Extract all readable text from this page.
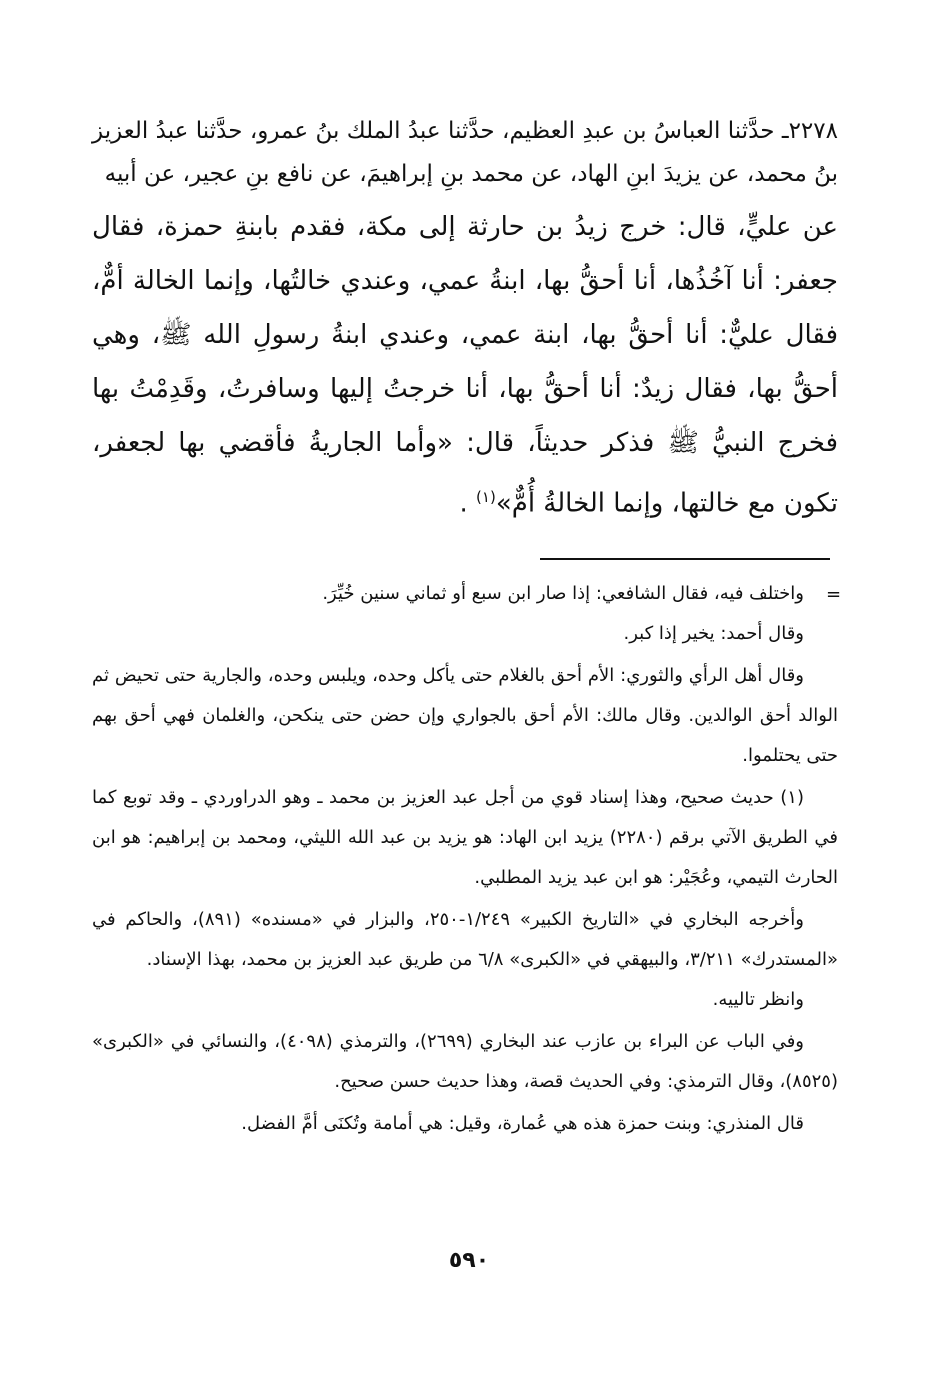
٢٢٧٨ـ حدَّثنا العباسُ بن عبدِ العظيم، حدَّثنا عبدُ الملك بنُ عمرو، حدَّثنا عبدُ العزيز بنُ محمد، عن يزيدَ ابنِ الهاد، عن محمد بنِ إبراهيمَ، عن نافع بنِ عجير، عن أبيه

عن عليٍّ، قال: خرج زيدُ بن حارثة إلى مكة، فقدم بابنةِ حمزة، فقال جعفر: أنا آخُذُها، أنا أحقُّ بها، ابنةُ عمي، وعندي خالتُها، وإنما الخالة أمٌّ، فقال عليٌّ: أنا أحقُّ بها، ابنة عمي، وعندي ابنةُ رسولِ الله ﷺ، وهي أحقُّ بها، فقال زيدٌ: أنا أحقُّ بها، أنا خرجتُ إليها وسافرتُ، وقَدِمْتُ بها فخرج النبيُّ ﷺ فذكر حديثاً، قال: «وأما الجاريةُ فأقضي بها لجعفر، تكون مع خالتها، وإنما الخالةُ أُمٌّ»$^{(١)}$ .

=

واختلف فيه، فقال الشافعي: إذا صار ابن سبع أو ثماني سنين خُيِّرَ.

وقال أحمد: يخير إذا كبر.

وقال أهل الرأي والثوري: الأم أحق بالغلام حتى يأكل وحده، ويلبس وحده، والجارية حتى تحيض ثم الوالد أحق الوالدين. وقال مالك: الأم أحق بالجواري وإن حضن حتى ينكحن، والغلمان فهي أحق بهم حتى يحتلموا.

(١) حديث صحيح، وهذا إسناد قوي من أجل عبد العزيز بن محمد ـ وهو الدراوردي ـ وقد توبع كما في الطريق الآتي برقم (٢٢٨٠) يزيد ابن الهاد: هو يزيد بن عبد الله الليثي، ومحمد بن إبراهيم: هو ابن الحارث التيمي، وعُجَيْر: هو ابن عبد يزيد المطلبي.

وأخرجه البخاري في «التاريخ الكبير» ١/٢٤٩-٢٥٠، والبزار في «مسنده» (٨٩١)، والحاكم في «المستدرك» ٣/٢١١، والبيهقي في «الكبرى» ٦/٨ من طريق عبد العزيز بن محمد، بهذا الإسناد.

وانظر تالييه.

وفي الباب عن البراء بن عازب عند البخاري (٢٦٩٩)، والترمذي (٤٠٩٨)، والنسائي في «الكبرى» (٨٥٢٥)، وقال الترمذي: وفي الحديث قصة، وهذا حديث حسن صحيح.

قال المنذري: وبنت حمزة هذه هي عُمارة، وقيل: هي أمامة وتُكنَى أمَّ الفضل.

٥٩٠
